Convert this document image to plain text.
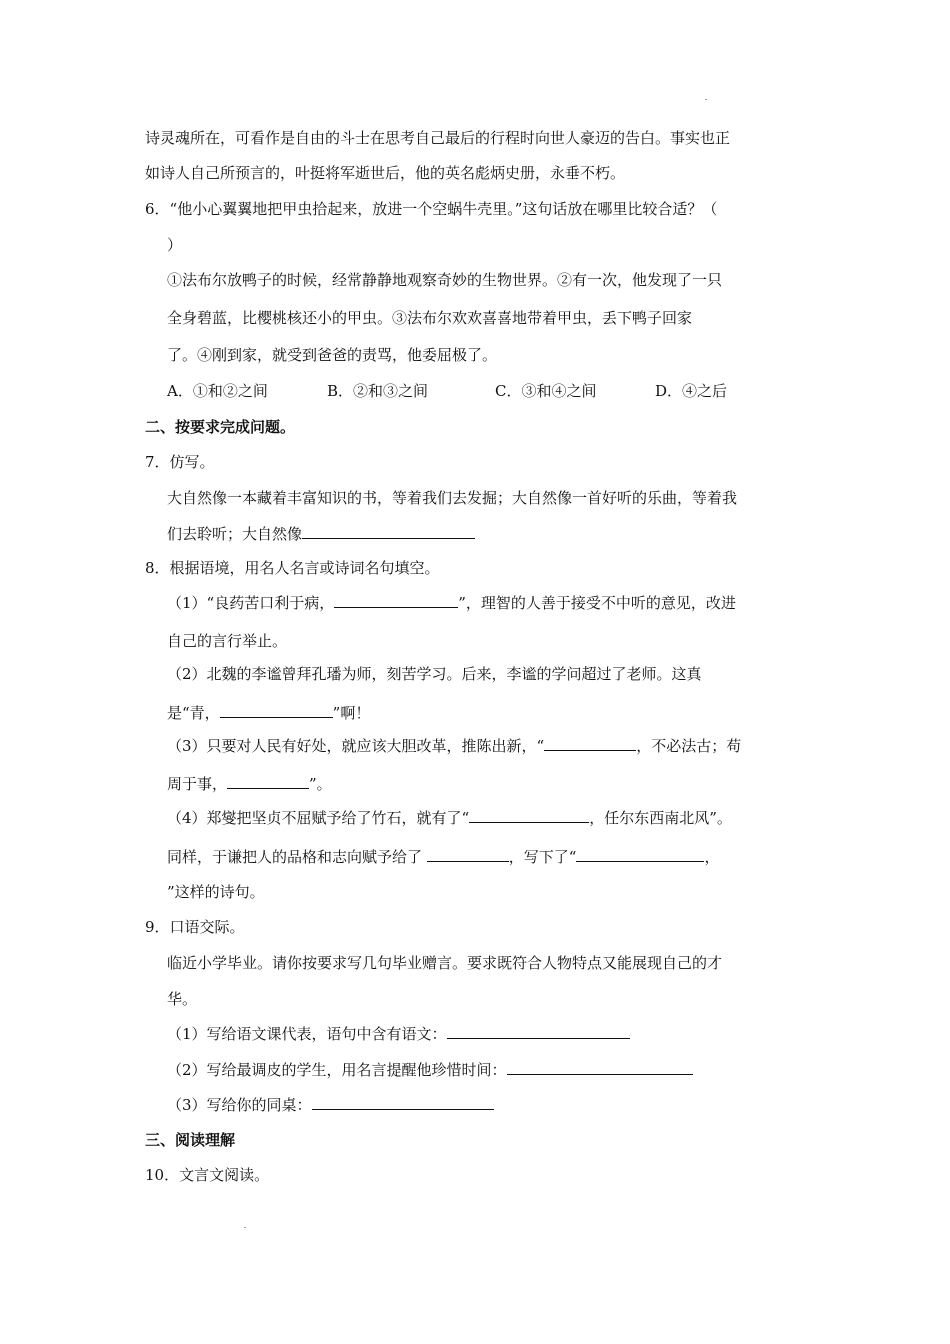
诗灵魂所在，可看作是自由的斗士在思考自己最后的行程时向世人豪迈的告白。事实也正
如诗人自己所预言的，叶挺将军逝世后，他的英名彪炳史册，永垂不朽。
6．“他小心翼翼地把甲虫拾起来，放进一个空蜗牛壳里。”这句话放在哪里比较合适？（
）
①法布尔放鸭子的时候，经常静静地观察奇妙的生物世界。②有一次，他发现了一只
全身碧蓝，比樱桃核还小的甲虫。③法布尔欢欢喜喜地带着甲虫，丢下鸭子回家
了。④刚到家，就受到爸爸的责骂，他委屈极了。
A．①和②之间	B．②和③之间	C．③和④之间	D．④之后
二、按要求完成问题。
7．仿写。
大自然像一本藏着丰富知识的书，等着我们去发掘；大自然像一首好听的乐曲，等着我
们去聆听；大自然像
8．根据语境，用名人名言或诗词名句填空。
（1）“良药苦口利于病，	”，理智的人善于接受不中听的意见，改进
自己的言行举止。
（2）北魏的李谧曾拜孔璠为师，刻苦学习。后来，李谧的学问超过了老师。这真
是“青，	”啊！
（3）只要对人民有好处，就应该大胆改革，推陈出新，“	，不必法古；苟
周于事，	”。
（4）郑燮把坚贞不屈赋予给了竹石，就有了“	，任尔东西南北风”。
同样，于谦把人的品格和志向赋予给了	，写下了“	，
”这样的诗句。
9．口语交际。
临近小学毕业。请你按要求写几句毕业赠言。要求既符合人物特点又能展现自己的才
华。
（1）写给语文课代表，语句中含有语文：
（2）写给最调皮的学生，用名言提醒他珍惜时间：
（3）写给你的同桌：
三、阅读理解
10．文言文阅读。
